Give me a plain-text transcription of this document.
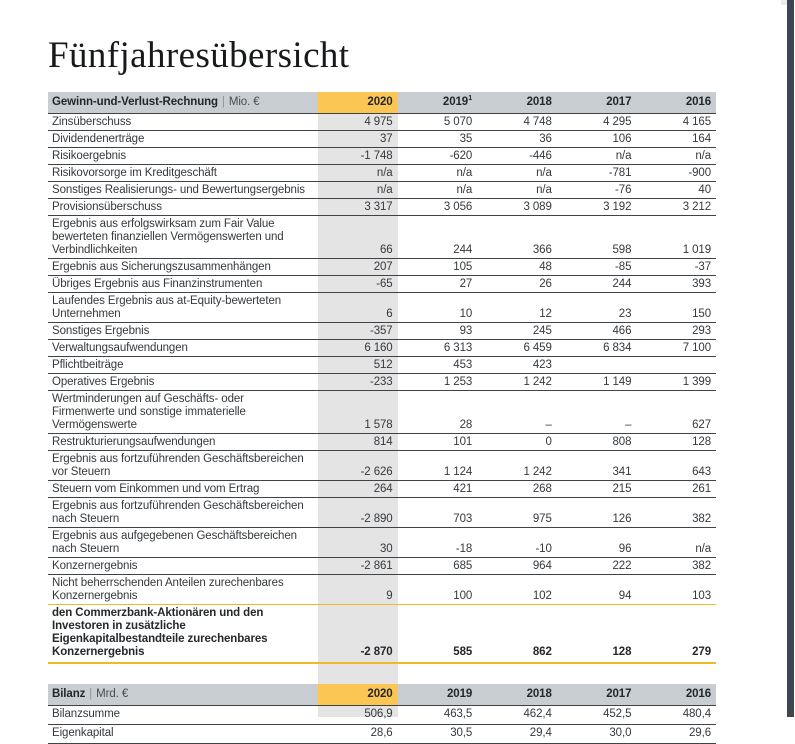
Fünfjahresübersicht
Gewinn-und-Verlust-Rechnung | Mio. €	2020	2019$^1$	2018	2017	2016
Zinsüberschuss	4 975	5 070	4 748	4 295	4 165
Dividendenerträge	37	35	36	106	164
Risikoergebnis	-1 748	-620	-446	n/a	n/a
Risikovorsorge im Kreditgeschäft	n/a	n/a	n/a	-781	-900
Sonstiges Realisierungs- und Bewertungsergebnis	n/a	n/a	n/a	-76	40
Provisionsüberschuss	3 317	3 056	3 089	3 192	3 212
Ergebnis aus erfolgswirksam zum Fair Value bewerteten finanziellen Vermögenswerten und Verbindlichkeiten	66	244	366	598	1 019
Ergebnis aus Sicherungszusammenhängen	207	105	48	-85	-37
Übriges Ergebnis aus Finanzinstrumenten	-65	27	26	244	393
Laufendes Ergebnis aus at-Equity-bewerteten Unternehmen	6	10	12	23	150
Sonstiges Ergebnis	-357	93	245	466	293
Verwaltungsaufwendungen	6 160	6 313	6 459	6 834	7 100
Pflichtbeiträge	512	453	423		
Operatives Ergebnis	-233	1 253	1 242	1 149	1 399
Wertminderungen auf Geschäfts- oder Firmenwerte und sonstige immaterielle Vermögenswerte	1 578	28	–	–	627
Restrukturierungsaufwendungen	814	101	0	808	128
Ergebnis aus fortzuführenden Geschäftsbereichen vor Steuern	-2 626	1 124	1 242	341	643
Steuern vom Einkommen und vom Ertrag	264	421	268	215	261
Ergebnis aus fortzuführenden Geschäftsbereichen nach Steuern	-2 890	703	975	126	382
Ergebnis aus aufgegebenen Geschäftsbereichen nach Steuern	30	-18	-10	96	n/a
Konzernergebnis	-2 861	685	964	222	382
Nicht beherrschenden Anteilen zurechenbares Konzernergebnis	9	100	102	94	103
den Commerzbank-Aktionären und den Investoren in zusätzliche Eigenkapitalbestandteile zurechenbares Konzernergebnis	-2 870	585	862	128	279
Bilanz | Mrd. €	2020	2019	2018	2017	2016
Bilanzsumme	506,9	463,5	462,4	452,5	480,4
Eigenkapital	28,6	30,5	29,4	30,0	29,6
